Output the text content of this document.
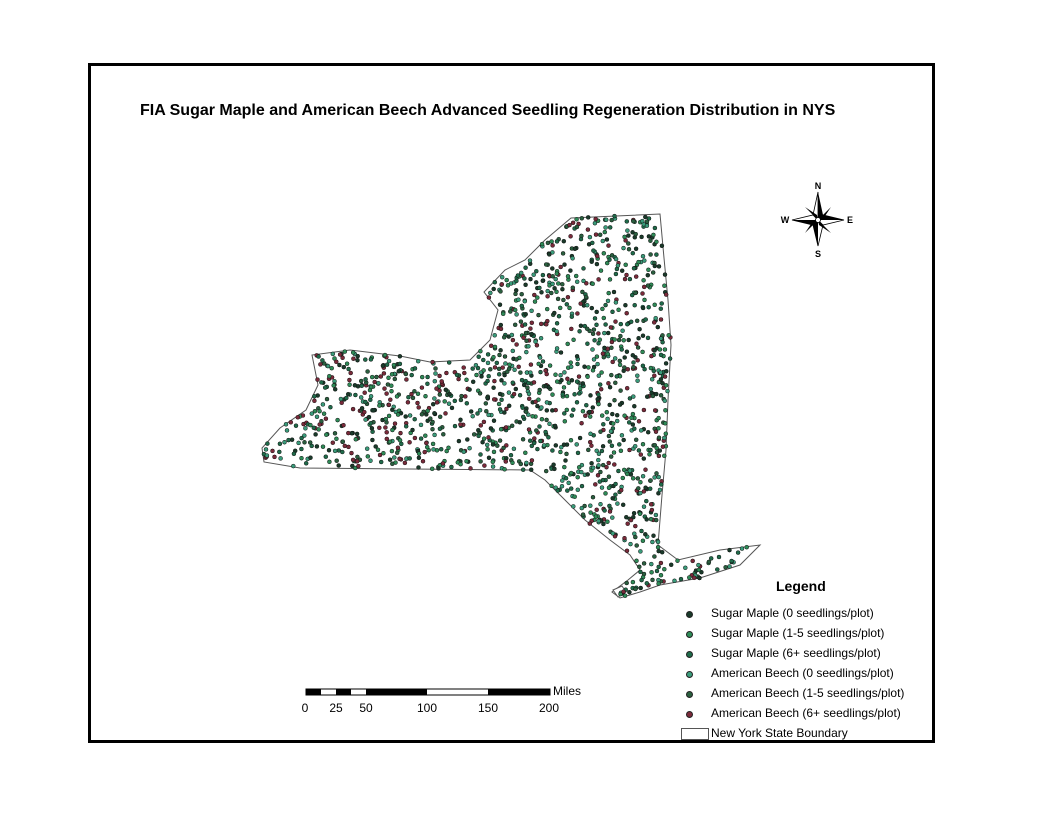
FIA Sugar Maple and American Beech Advanced Seedling Regeneration Distribution in NYS
N
S
E
W
Miles
0 25 50	100	150	200
Legend
Sugar Maple (0 seedlings/plot)
Sugar Maple (1-5 seedlings/plot)
Sugar Maple (6+ seedlings/plot)
American Beech (0 seedlings/plot)
American Beech (1-5 seedlings/plot)
American Beech (6+ seedlings/plot)
New York State Boundary
